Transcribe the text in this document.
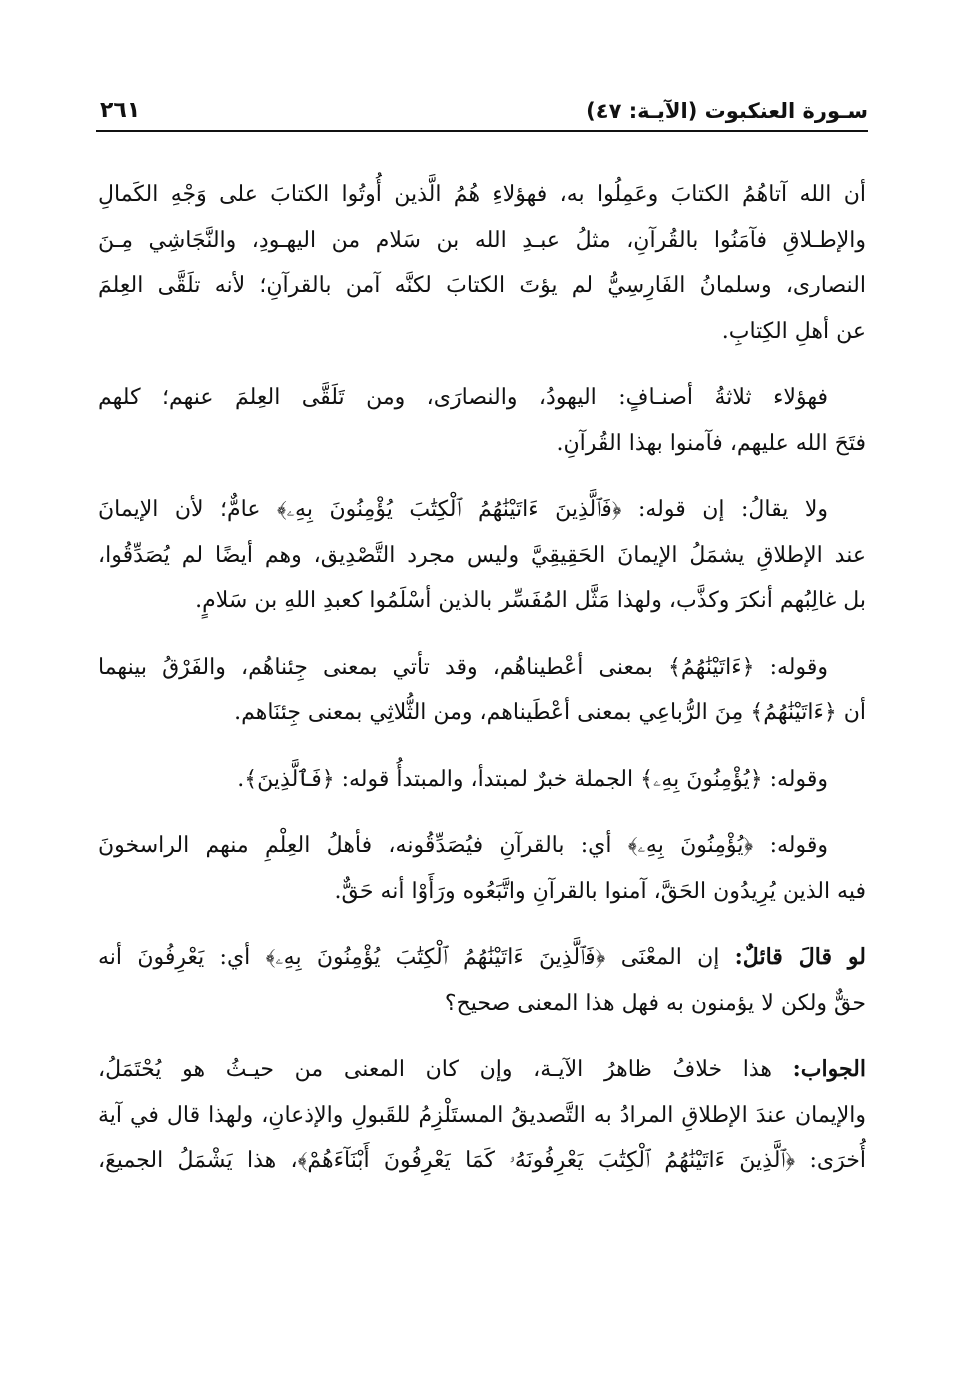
سـورة العنكبوت (الآيـة: ٤٧)
٢٦١

أن الله آتاهُمُ الكتابَ وعَمِلُوا به، فهؤلاءِ هُمُ الَّذين أُوتُوا الكتابَ على وَجْهِ الكَمالِ
والإطـلاقِ فآمَنُوا بالقُرآنِ، مثلُ عبـدِ الله بن سَلام من اليهـودِ، والنَّجَاشِي مِـنَ
النصارى، وسلمانُ الفَارِسِيُّ لم يؤتَ الكتابَ لكنَّه آمن بالقرآنِ؛ لأنه تلَقَّى العِلمَ
عن أهلِ الكِتابِ.

فهؤلاء ثلاثةُ أصنـافٍ: اليهودُ، والنصارَى، ومن تَلَقَّى العِلمَ عنهم؛ كلهم
فتَحَ الله عليهم، فآمنوا بهذا القُرآنِ.

ولا يقالُ: إن قوله: ﴿فَٱلَّذِينَ ءَاتَيْنَٰهُمُ ٱلْكِتَٰبَ يُؤْمِنُونَ بِهِۦ﴾ عامٌّ؛ لأن الإيمانَ
عند الإطلاقِ يشمَلُ الإيمانَ الحَقِيقِيَّ وليس مجرد التَّصْدِيق، وهم أيضًا لم يُصَدِّقُوا،
بل غالِبُهم أنكرَ وكذَّب، ولهذا مَثَّل المُفَسِّر بالذين أسْلَمُوا كعبدِ اللهِ بن سَلامٍ.

وقوله: ﴿ءَاتَيْنَٰهُمُ﴾ بمعنى أعْطيناهُم، وقد تأتي بمعنى جِئناهُم، والفَرْقُ بينهما
أن ﴿ءَاتَيْنَٰهُمُ﴾ مِنَ الرُّباعِي بمعنى أعْطَيناهم، ومن الثُّلاثِي بمعنى جِئنَاهم.

وقوله: ﴿يُؤْمِنُونَ بِهِۦ﴾ الجملة خبرٌ لمبتدأ، والمبتدأُ قوله: ﴿فَٱلَّذِينَ﴾.

وقوله: ﴿يُؤْمِنُونَ بِهِۦ﴾ أي: بالقرآنِ فيُصَدِّقُونه، فأهلُ العِلْمِ منهم الراسخونَ
فيه الذين يُرِيدُون الحَقَّ، آمنوا بالقرآنِ واتَّبَعُوه ورَأَوْا أنه حَقٌّ.

لو قالَ قائلٌ: إن المعْنَى ﴿فَٱلَّذِينَ ءَاتَيْنَٰهُمُ ٱلْكِتَٰبَ يُؤْمِنُونَ بِهِۦ﴾ أي: يَعْرِفُونَ أنه
حقٌّ ولكن لا يؤمنون به فهل هذا المعنى صحيح؟

الجواب: هذا خلافُ ظاهرُ الآيـة، وإن كان المعنى من حيـثُ هو يُحْتَمَلُ،
والإيمان عندَ الإطلاقِ المرادُ به التَّصديقُ المستَلْزِمُ للقَبولِ والإذعانِ، ولهذا قال في آية
أُخرَى: ﴿ٱلَّذِينَ ءَاتَيْنَٰهُمُ ٱلْكِتَٰبَ يَعْرِفُونَهُۥ كَمَا يَعْرِفُونَ أَبْنَآءَهُمْ﴾، هذا يَشْمَلُ الجميعَ،
